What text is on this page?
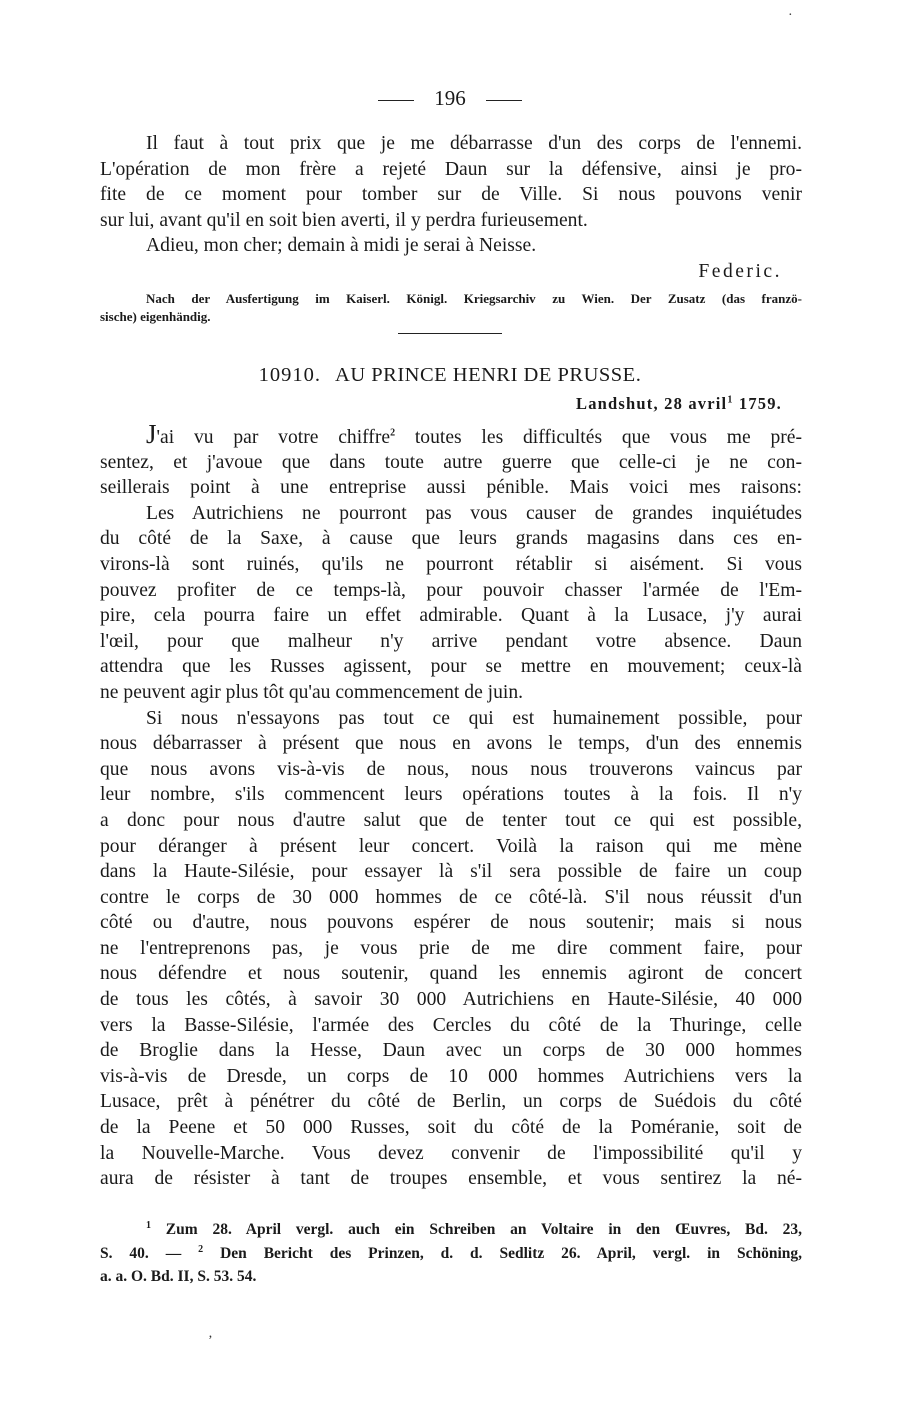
196
Il faut à tout prix que je me débarrasse d'un des corps de l'ennemi.
L'opération de mon frère a rejeté Daun sur la défensive, ainsi je pro-
fite de ce moment pour tomber sur de Ville. Si nous pouvons venir
sur lui, avant qu'il en soit bien averti, il y perdra furieusement.
Adieu, mon cher; demain à midi je serai à Neisse.
Federic.
Nach der Ausfertigung im Kaiserl. Königl. Kriegsarchiv zu Wien. Der Zusatz (das franzö-
sische) eigenhändig.
10910. AU PRINCE HENRI DE PRUSSE.
Landshut, 28 avril$^1$ 1759.
J'ai vu par votre chiffre$^2$ toutes les difficultés que vous me pré-
sentez, et j'avoue que dans toute autre guerre que celle-ci je ne con-
seillerais point à une entreprise aussi pénible. Mais voici mes raisons:
Les Autrichiens ne pourront pas vous causer de grandes inquiétudes
du côté de la Saxe, à cause que leurs grands magasins dans ces en-
virons-là sont ruinés, qu'ils ne pourront rétablir si aisément. Si vous
pouvez profiter de ce temps-là, pour pouvoir chasser l'armée de l'Em-
pire, cela pourra faire un effet admirable. Quant à la Lusace, j'y aurai
l'œil, pour que malheur n'y arrive pendant votre absence. Daun
attendra que les Russes agissent, pour se mettre en mouvement; ceux-là
ne peuvent agir plus tôt qu'au commencement de juin.
Si nous n'essayons pas tout ce qui est humainement possible, pour
nous débarrasser à présent que nous en avons le temps, d'un des ennemis
que nous avons vis-à-vis de nous, nous nous trouverons vaincus par
leur nombre, s'ils commencent leurs opérations toutes à la fois. Il n'y
a donc pour nous d'autre salut que de tenter tout ce qui est possible,
pour déranger à présent leur concert. Voilà la raison qui me mène
dans la Haute-Silésie, pour essayer là s'il sera possible de faire un coup
contre le corps de 30 000 hommes de ce côté-là. S'il nous réussit d'un
côté ou d'autre, nous pouvons espérer de nous soutenir; mais si nous
ne l'entreprenons pas, je vous prie de me dire comment faire, pour
nous défendre et nous soutenir, quand les ennemis agiront de concert
de tous les côtés, à savoir 30 000 Autrichiens en Haute-Silésie, 40 000
vers la Basse-Silésie, l'armée des Cercles du côté de la Thuringe, celle
de Broglie dans la Hesse, Daun avec un corps de 30 000 hommes
vis-à-vis de Dresde, un corps de 10 000 hommes Autrichiens vers la
Lusace, prêt à pénétrer du côté de Berlin, un corps de Suédois du côté
de la Peene et 50 000 Russes, soit du côté de la Poméranie, soit de
la Nouvelle-Marche. Vous devez convenir de l'impossibilité qu'il y
aura de résister à tant de troupes ensemble, et vous sentirez la né-
$^1$ Zum 28. April vergl. auch ein Schreiben an Voltaire in den Œuvres, Bd. 23,
S. 40. — $^2$ Den Bericht des Prinzen, d. d. Sedlitz 26. April, vergl. in Schöning,
a. a. O. Bd. II, S. 53. 54.
·
‚
